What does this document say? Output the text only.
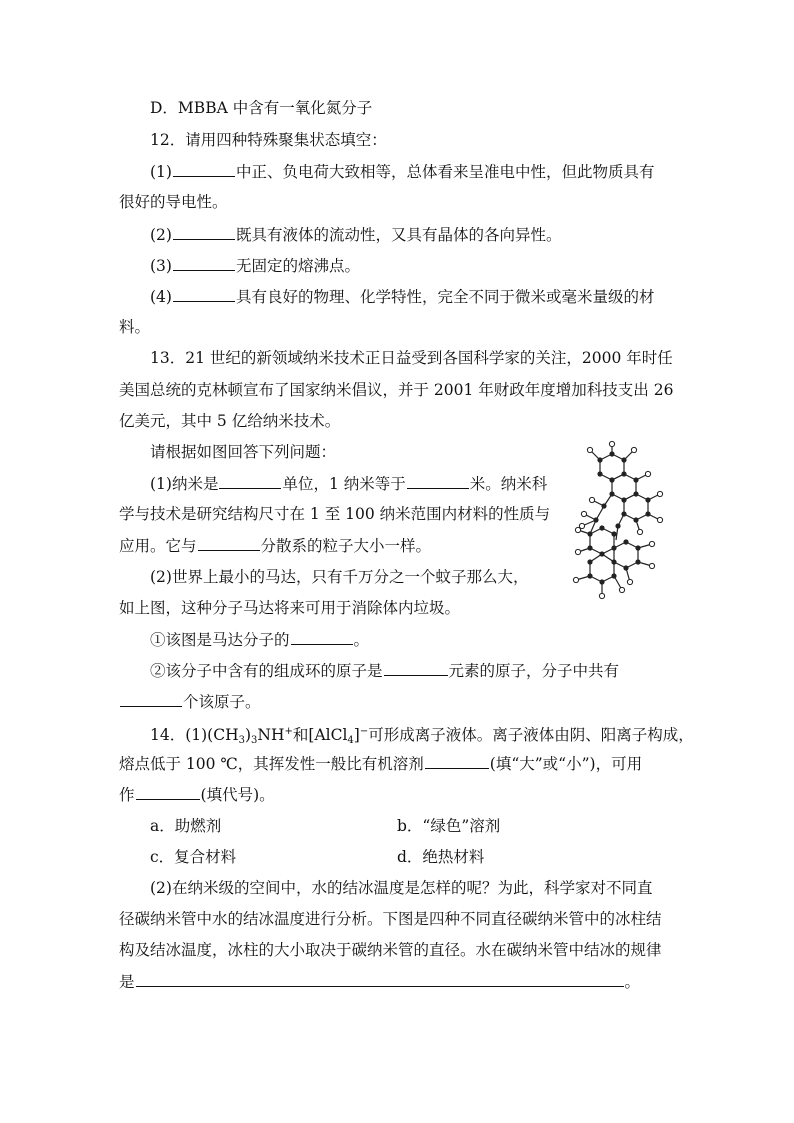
D．MBBA 中含有一氧化氮分子
12．请用四种特殊聚集状态填空：
(1)	中正、负电荷大致相等，总体看来呈准电中性，但此物质具有
很好的导电性。
(2)	既具有液体的流动性，又具有晶体的各向异性。
(3)	无固定的熔沸点。
(4)	具有良好的物理、化学特性，完全不同于微米或毫米量级的材
料。
13．21 世纪的新领域纳米技术正日益受到各国科学家的关注，2000 年时任
美国总统的克林顿宣布了国家纳米倡议，并于 2001 年财政年度增加科技支出 26
亿美元，其中 5 亿给纳米技术。
请根据如图回答下列问题：
(1)纳米是	单位，1 纳米等于	米。纳米科
学与技术是研究结构尺寸在 1 至 100 纳米范围内材料的性质与
应用。它与	分散系的粒子大小一样。
(2)世界上最小的马达，只有千万分之一个蚊子那么大，
如上图，这种分子马达将来可用于消除体内垃圾。
①该图是马达分子的	。
②该分子中含有的组成环的原子是	元素的原子，分子中共有
个该原子。
14．$(1)(CH_3)_3NH^+$和[AlCl$_4$]−可形成离子液体。离子液体由阴、阳离子构成，
熔点低于 100 ℃，其挥发性一般比有机溶剂	(填“大”或“小”)，可用
作	(填代号)。
a．助燃剂	b．“绿色”溶剂
c．复合材料	d．绝热材料
(2)在纳米级的空间中，水的结冰温度是怎样的呢？为此，科学家对不同直
径碳纳米管中水的结冰温度进行分析。下图是四种不同直径碳纳米管中的冰柱结
构及结冰温度，冰柱的大小取决于碳纳米管的直径。水在碳纳米管中结冰的规律
是	。
